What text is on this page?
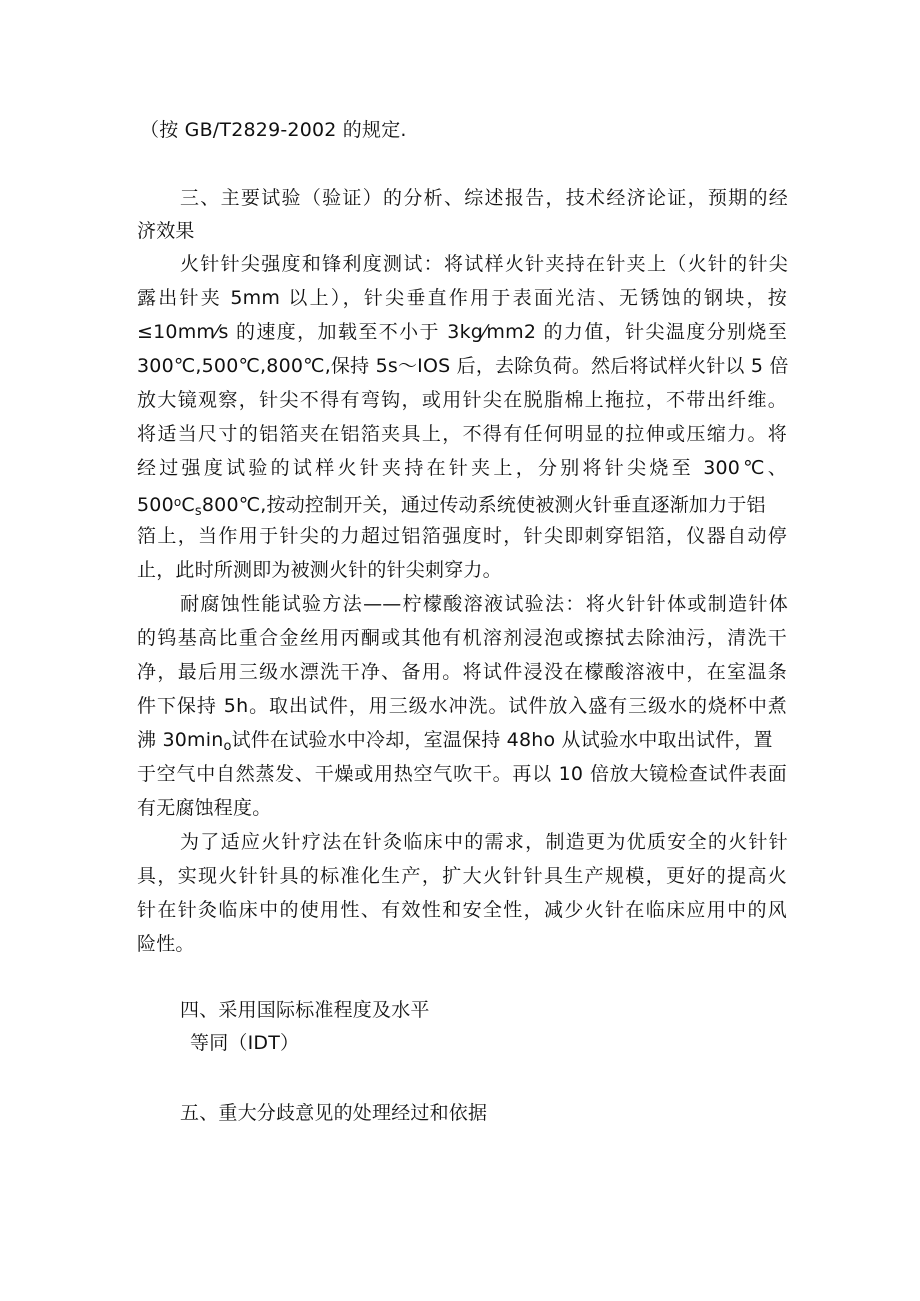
（按 GB/T2829-2002 的规定.
三、主要试验（验证）的分析、综述报告，技术经济论证，预期的经
济效果
火针针尖强度和锋利度测试：将试样火针夹持在针夹上（火针的针尖
露出针夹 5mm 以上），针尖垂直作用于表面光洁、无锈蚀的钢块，按
≤10mm⁄s 的速度，加载至不小于 3kg⁄mm2 的力值，针尖温度分别烧至
300℃,500℃,800℃,保持 5s～IOS 后，去除负荷。然后将试样火针以 5 倍
放大镜观察，针尖不得有弯钩，或用针尖在脱脂棉上拖拉，不带出纤维。
将适当尺寸的铝箔夹在铝箔夹具上，不得有任何明显的拉伸或压缩力。将
经过强度试验的试样火针夹持在针夹上，分别将针尖烧至 300℃、
$500^oC_s800℃$,按动控制开关，通过传动系统使被测火针垂直逐渐加力于铝
箔上，当作用于针尖的力超过铝箔强度时，针尖即刺穿铝箔，仪器自动停
止，此时所测即为被测火针的针尖刺穿力。
耐腐蚀性能试验方法——柠檬酸溶液试验法：将火针针体或制造针体
的钨基高比重合金丝用丙酮或其他有机溶剂浸泡或擦拭去除油污，清洗干
净，最后用三级水漂洗干净、备用。将试件浸没在檬酸溶液中，在室温条
件下保持 5h。取出试件，用三级水冲洗。试件放入盛有三级水的烧杯中煮
沸 $30\min_o$试件在试验水中冷却，室温保持 48ho 从试验水中取出试件，置
于空气中自然蒸发、干燥或用热空气吹干。再以 10 倍放大镜检查试件表面
有无腐蚀程度。
为了适应火针疗法在针灸临床中的需求，制造更为优质安全的火针针
具，实现火针针具的标准化生产，扩大火针针具生产规模，更好的提高火
针在针灸临床中的使用性、有效性和安全性，减少火针在临床应用中的风
险性。
四、采用国际标准程度及水平
等同（IDT）
五、重大分歧意见的处理经过和依据
